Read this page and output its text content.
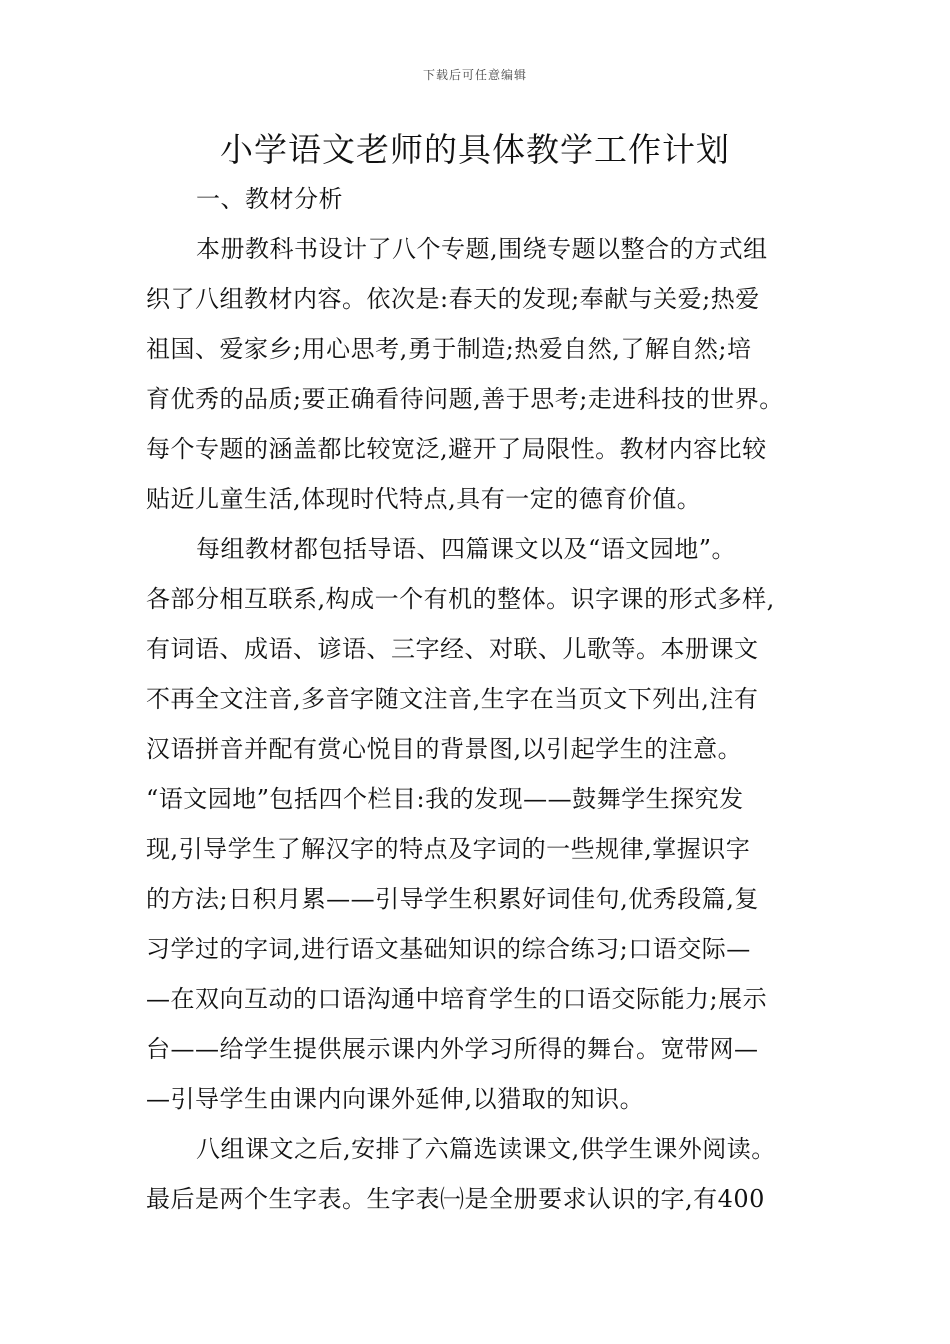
下载后可任意编辑
小学语文老师的具体教学工作计划
一、教材分析
本册教科书设计了八个专题,围绕专题以整合的方式组
织了八组教材内容。依次是:春天的发现;奉献与关爱;热爱
祖国、爱家乡;用心思考,勇于制造;热爱自然,了解自然;培
育优秀的品质;要正确看待问题,善于思考;走进科技的世界。
每个专题的涵盖都比较宽泛,避开了局限性。教材内容比较
贴近儿童生活,体现时代特点,具有一定的德育价值。
每组教材都包括导语、四篇课文以及“语文园地”。
各部分相互联系,构成一个有机的整体。识字课的形式多样,
有词语、成语、谚语、三字经、对联、儿歌等。本册课文
不再全文注音,多音字随文注音,生字在当页文下列出,注有
汉语拼音并配有赏心悦目的背景图,以引起学生的注意。
“语文园地”包括四个栏目:我的发现——鼓舞学生探究发
现,引导学生了解汉字的特点及字词的一些规律,掌握识字
的方法;日积月累——引导学生积累好词佳句,优秀段篇,复
习学过的字词,进行语文基础知识的综合练习;口语交际—
—在双向互动的口语沟通中培育学生的口语交际能力;展示
台——给学生提供展示课内外学习所得的舞台。宽带网—
—引导学生由课内向课外延伸,以猎取的知识。
八组课文之后,安排了六篇选读课文,供学生课外阅读。
最后是两个生字表。生字表㈠是全册要求认识的字,有400
